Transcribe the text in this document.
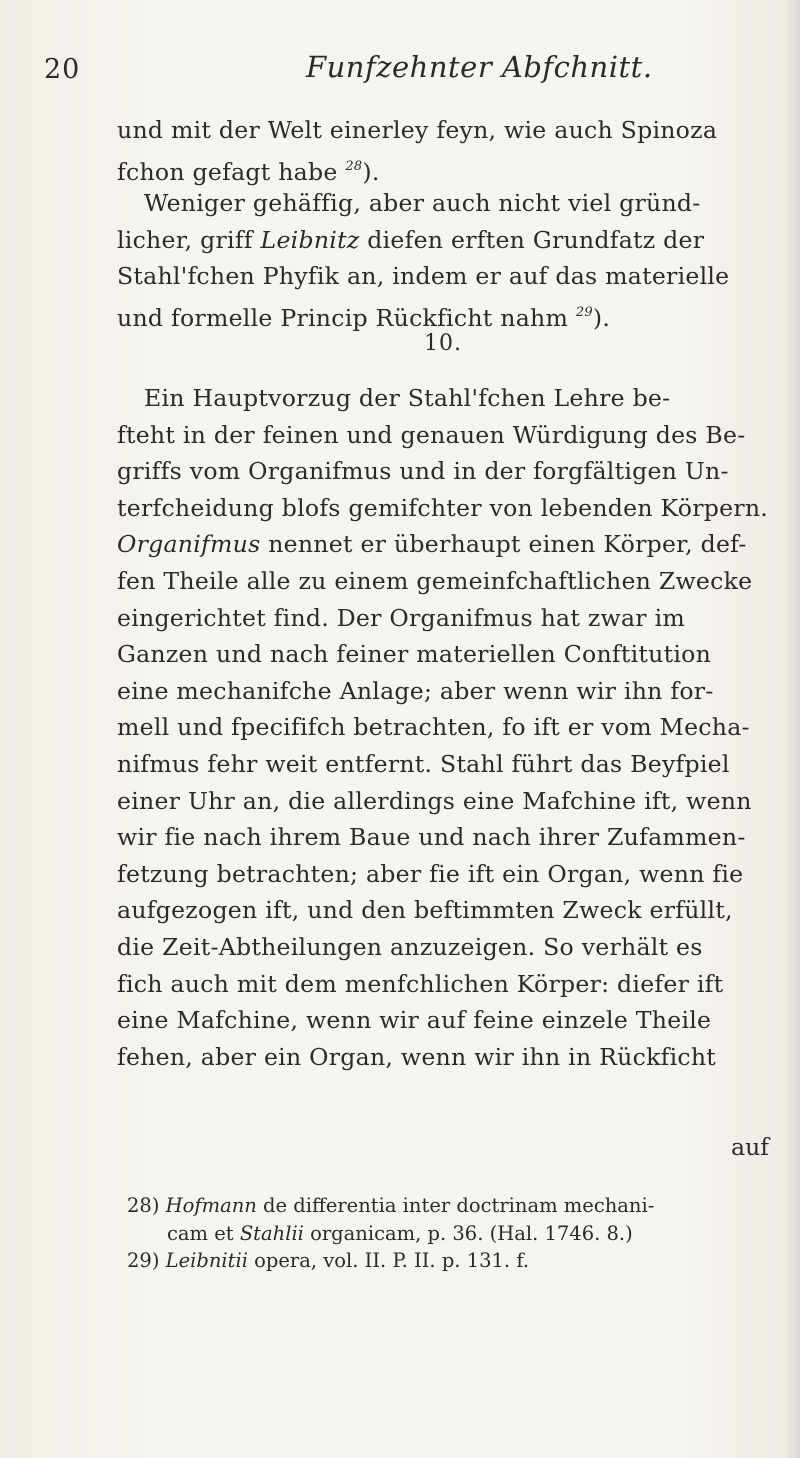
20	Funfzehnter Abfchnitt.
und mit der Welt einerley feyn, wie auch Spinoza
fchon gefagt habe $^{28}$).
Weniger gehäffig, aber auch nicht viel gründ-
licher, griff Leibnitz diefen erften Grundfatz der
Stahl'fchen Phyfik an, indem er auf das materielle
und formelle Princip Rückficht nahm $^{29}$).
10.
Ein Hauptvorzug der Stahl'fchen Lehre be-
fteht in der feinen und genauen Würdigung des Be-
griffs vom Organifmus und in der forgfältigen Un-
terfcheidung blofs gemifchter von lebenden Körpern.
Organifmus nennet er überhaupt einen Körper, def-
fen Theile alle zu einem gemeinfchaftlichen Zwecke
eingerichtet find. Der Organifmus hat zwar im
Ganzen und nach feiner materiellen Conftitution
eine mechanifche Anlage; aber wenn wir ihn for-
mell und fpecififch betrachten, fo ift er vom Mecha-
nifmus fehr weit entfernt. Stahl führt das Beyfpiel
einer Uhr an, die allerdings eine Mafchine ift, wenn
wir fie nach ihrem Baue und nach ihrer Zufammen-
fetzung betrachten; aber fie ift ein Organ, wenn fie
aufgezogen ift, und den beftimmten Zweck erfüllt,
die Zeit-Abtheilungen anzuzeigen. So verhält es
fich auch mit dem menfchlichen Körper: diefer ift
eine Mafchine, wenn wir auf feine einzele Theile
fehen, aber ein Organ, wenn wir ihn in Rückficht
auf
28) Hofmann de differentia inter doctrinam mechani-
cam et Stahlii organicam, p. 36. (Hal. 1746. 8.)
29) Leibnitii opera, vol. II. P. II. p. 131. f.
